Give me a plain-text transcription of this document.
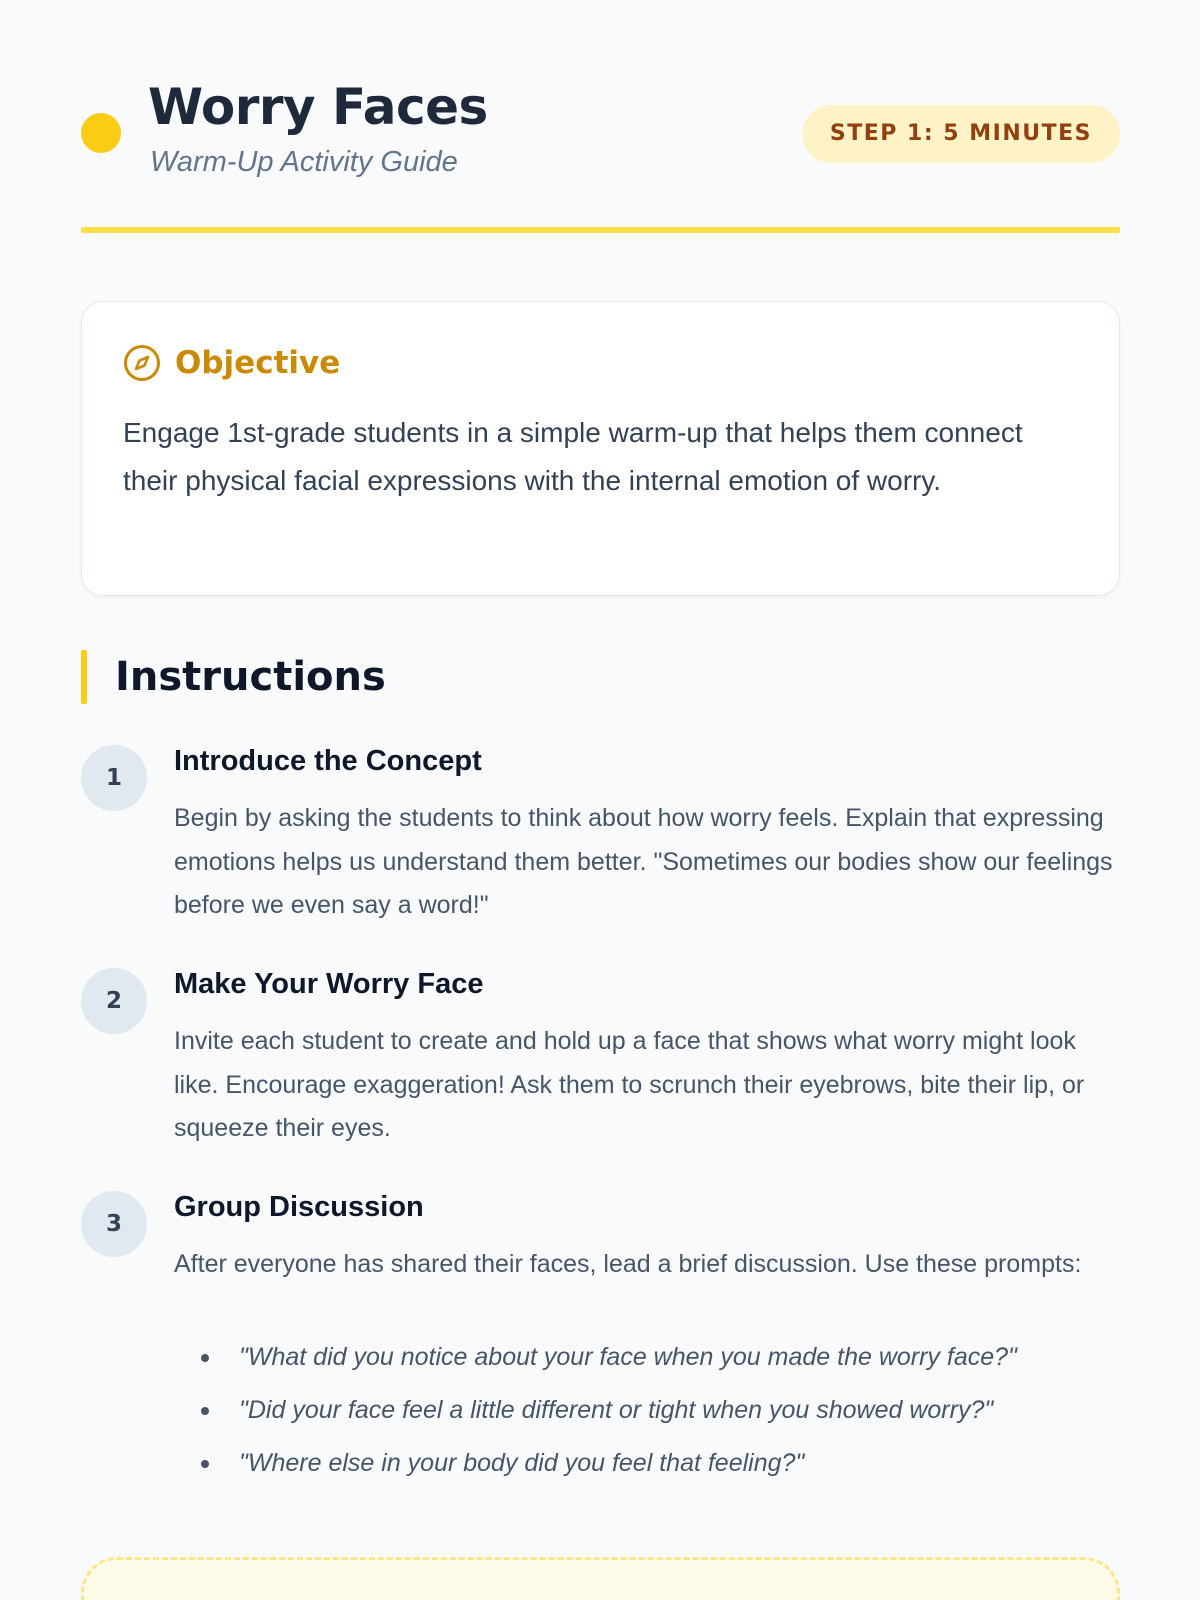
Worry Faces
Warm-Up Activity Guide
STEP 1: 5 MINUTES
Objective

Engage 1st-grade students in a simple warm-up that helps them connect their physical facial expressions with the internal emotion of worry.

Instructions
1
Introduce the Concept

Begin by asking the students to think about how worry feels. Explain that expressing emotions helps us understand them better. "Sometimes our bodies show our feelings before we even say a word!"

2
Make Your Worry Face

Invite each student to create and hold up a face that shows what worry might look like. Encourage exaggeration! Ask them to scrunch their eyebrows, bite their lip, or squeeze their eyes.

3
Group Discussion

After everyone has shared their faces, lead a brief discussion. Use these prompts:

"What did you notice about your face when you made the worry face?"
"Did your face feel a little different or tight when you showed worry?"
"Where else in your body did you feel that feeling?"
